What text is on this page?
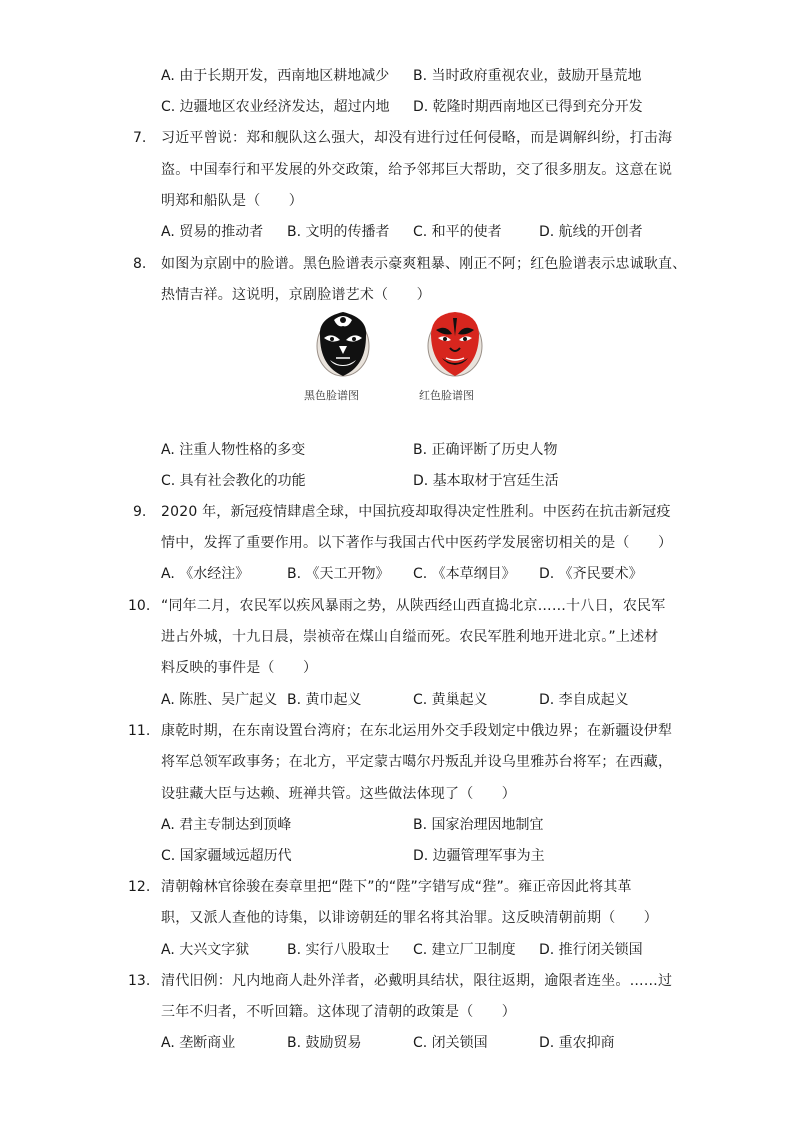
A. 由于长期开发，西南地区耕地减少 B. 当时政府重视农业，鼓励开垦荒地
C. 边疆地区农业经济发达，超过内地 D. 乾隆时期西南地区已得到充分开发
7. 习近平曾说：郑和舰队这么强大，却没有进行过任何侵略，而是调解纠纷，打击海
盗。中国奉行和平发展的外交政策，给予邻邦巨大帮助，交了很多朋友。这意在说
明郑和船队是（　　）
A. 贸易的推动者 B. 文明的传播者 C. 和平的使者	D. 航线的开创者
8. 如图为京剧中的脸谱。黑色脸谱表示豪爽粗暴、刚正不阿；红色脸谱表示忠诚耿直、
热情吉祥。这说明，京剧脸谱艺术（　　）
黑色脸谱图	红色脸谱图
A. 注重人物性格的多变	B. 正确评断了历史人物
C. 具有社会教化的功能	D. 基本取材于宫廷生活
9. 2020 年，新冠疫情肆虐全球，中国抗疫却取得决定性胜利。中医药在抗击新冠疫
情中，发挥了重要作用。以下著作与我国古代中医药学发展密切相关的是（　　）
A. 《水经注》	B. 《天工开物》 C. 《本草纲目》 D. 《齐民要术》
10. “同年二月，农民军以疾风暴雨之势，从陕西经山西直捣北京……十八日，农民军
进占外城，十九日晨，崇祯帝在煤山自缢而死。农民军胜利地开进北京。”上述材
料反映的事件是（　　）
A. 陈胜、吴广起义 B. 黄巾起义	C. 黄巢起义	D. 李自成起义
11. 康乾时期，在东南设置台湾府；在东北运用外交手段划定中俄边界；在新疆设伊犁
将军总领军政事务；在北方，平定蒙古噶尔丹叛乱并设乌里雅苏台将军；在西藏，
设驻藏大臣与达赖、班禅共管。这些做法体现了（　　）
A. 君主专制达到顶峰	B. 国家治理因地制宜
C. 国家疆域远超历代	D. 边疆管理军事为主
12. 清朝翰林官徐骏在奏章里把“陛下”的“陛”字错写成“狴”。雍正帝因此将其革
职，又派人查他的诗集，以诽谤朝廷的罪名将其治罪。这反映清朝前期（　　）
A. 大兴文字狱	B. 实行八股取士 C. 建立厂卫制度 D. 推行闭关锁国
13. 清代旧例：凡内地商人赴外洋者，必戴明具结状，限往返期，逾限者连坐。……过
三年不归者，不听回籍。这体现了清朝的政策是（　　）
A. 垄断商业	B. 鼓励贸易	C. 闭关锁国	D. 重农抑商
